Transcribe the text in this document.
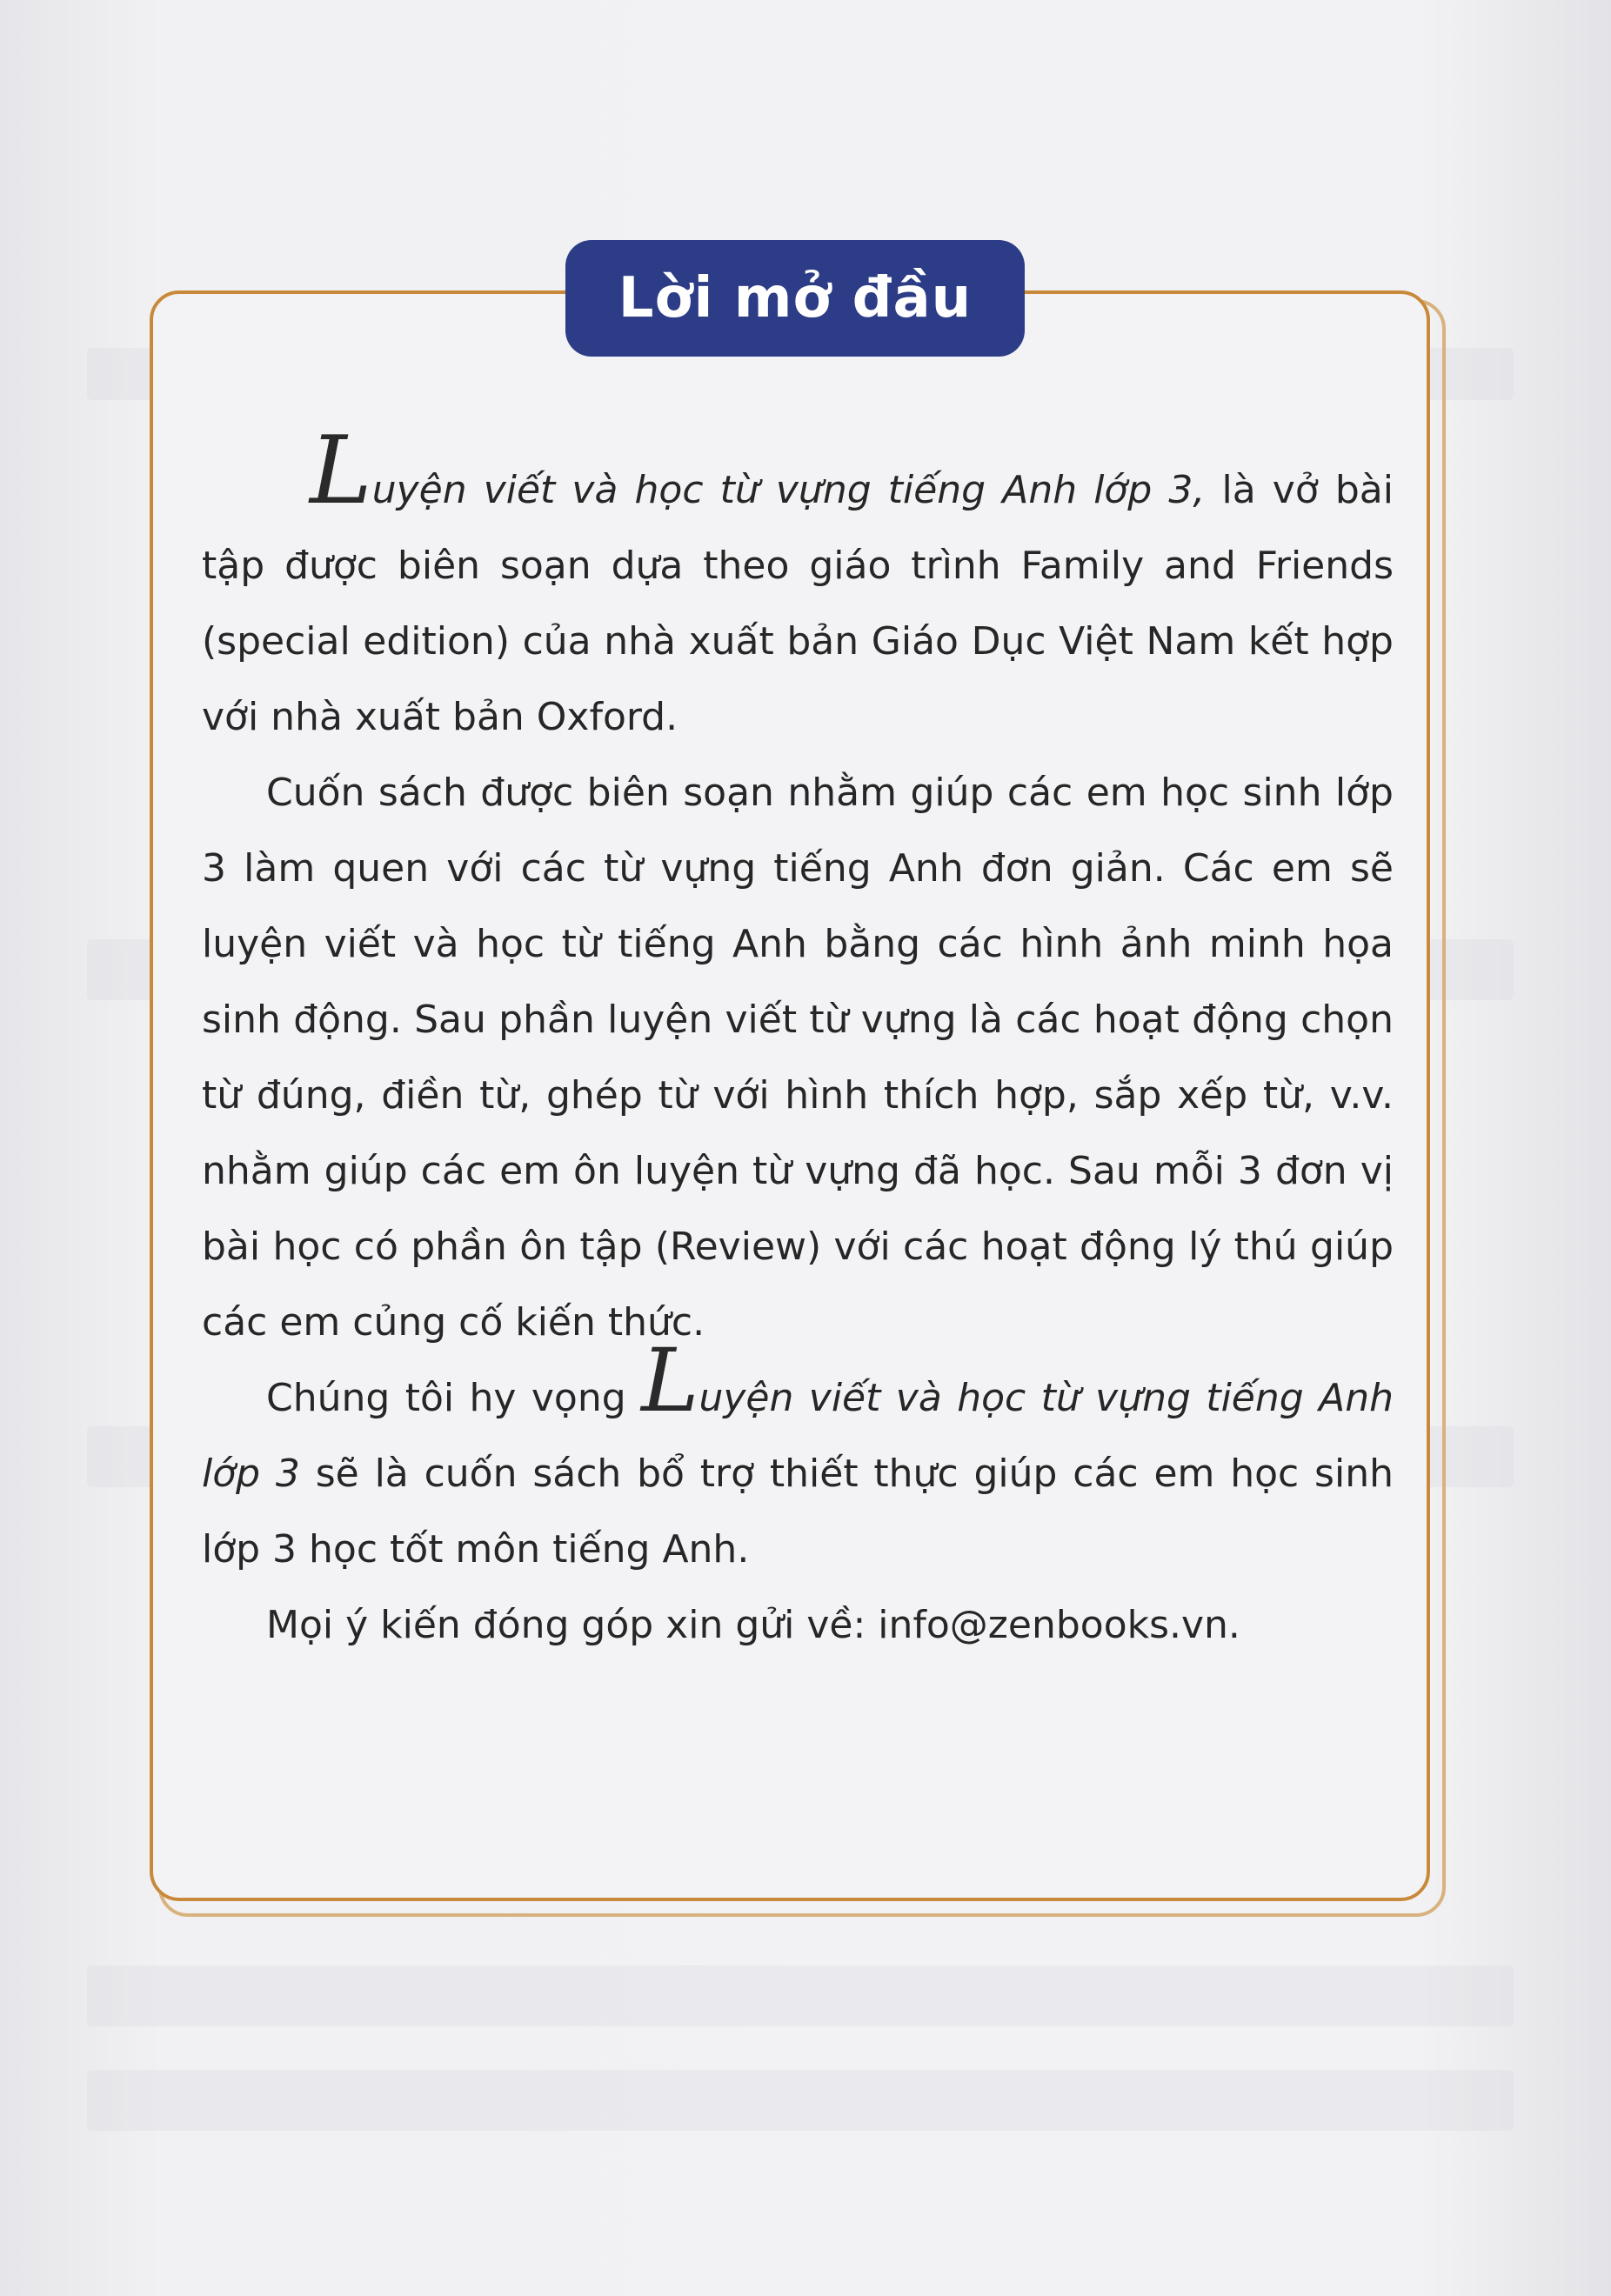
Lời mở đầu

Luyện viết và học từ vựng tiếng Anh lớp 3, là vở bài tập được biên soạn dựa theo giáo trình Family and Friends (special edition) của nhà xuất bản Giáo Dục Việt Nam kết hợp với nhà xuất bản Oxford.

Cuốn sách được biên soạn nhằm giúp các em học sinh lớp 3 làm quen với các từ vựng tiếng Anh đơn giản. Các em sẽ luyện viết và học từ tiếng Anh bằng các hình ảnh minh họa sinh động. Sau phần luyện viết từ vựng là các hoạt động chọn từ đúng, điền từ, ghép từ với hình thích hợp, sắp xếp từ, v.v. nhằm giúp các em ôn luyện từ vựng đã học. Sau mỗi 3 đơn vị bài học có phần ôn tập (Review) với các hoạt động lý thú giúp các em củng cố kiến thức.

Chúng tôi hy vọng Luyện viết và học từ vựng tiếng Anh lớp 3 sẽ là cuốn sách bổ trợ thiết thực giúp các em học sinh lớp 3 học tốt môn tiếng Anh.

Mọi ý kiến đóng góp xin gửi về: info@zenbooks.vn.
